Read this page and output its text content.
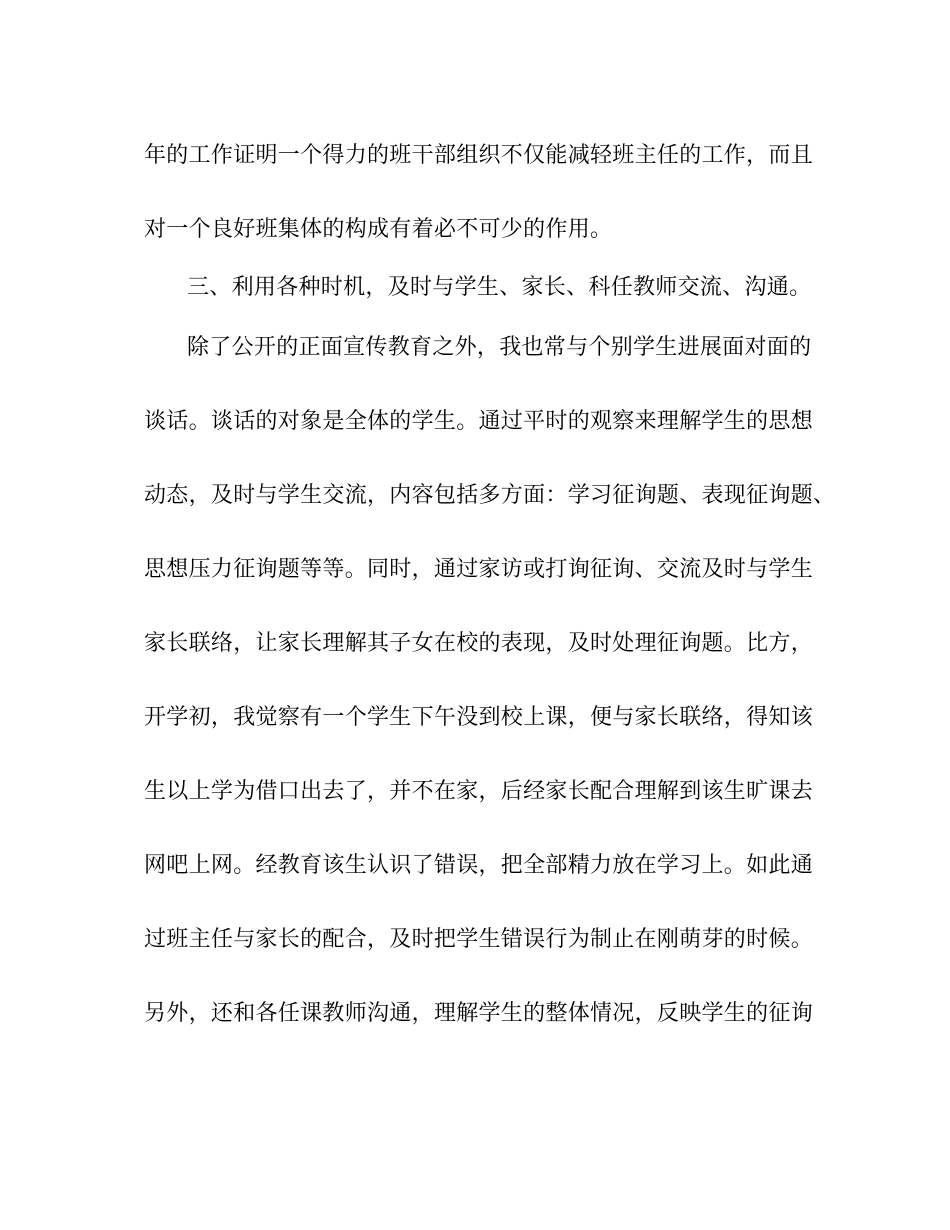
年的工作证明一个得力的班干部组织不仅能减轻班主任的工作，而且

对一个良好班集体的构成有着必不可少的作用。

三、利用各种时机，及时与学生、家长、科任教师交流、沟通。

除了公开的正面宣传教育之外，我也常与个别学生进展面对面的

谈话。谈话的对象是全体的学生。通过平时的观察来理解学生的思想

动态，及时与学生交流，内容包括多方面：学习征询题、表现征询题、

思想压力征询题等等。同时，通过家访或打询征询、交流及时与学生

家长联络，让家长理解其子女在校的表现，及时处理征询题。比方，

开学初，我觉察有一个学生下午没到校上课，便与家长联络，得知该

生以上学为借口出去了，并不在家，后经家长配合理解到该生旷课去

网吧上网。经教育该生认识了错误，把全部精力放在学习上。如此通

过班主任与家长的配合，及时把学生错误行为制止在刚萌芽的时候。

另外，还和各任课教师沟通，理解学生的整体情况，反映学生的征询
